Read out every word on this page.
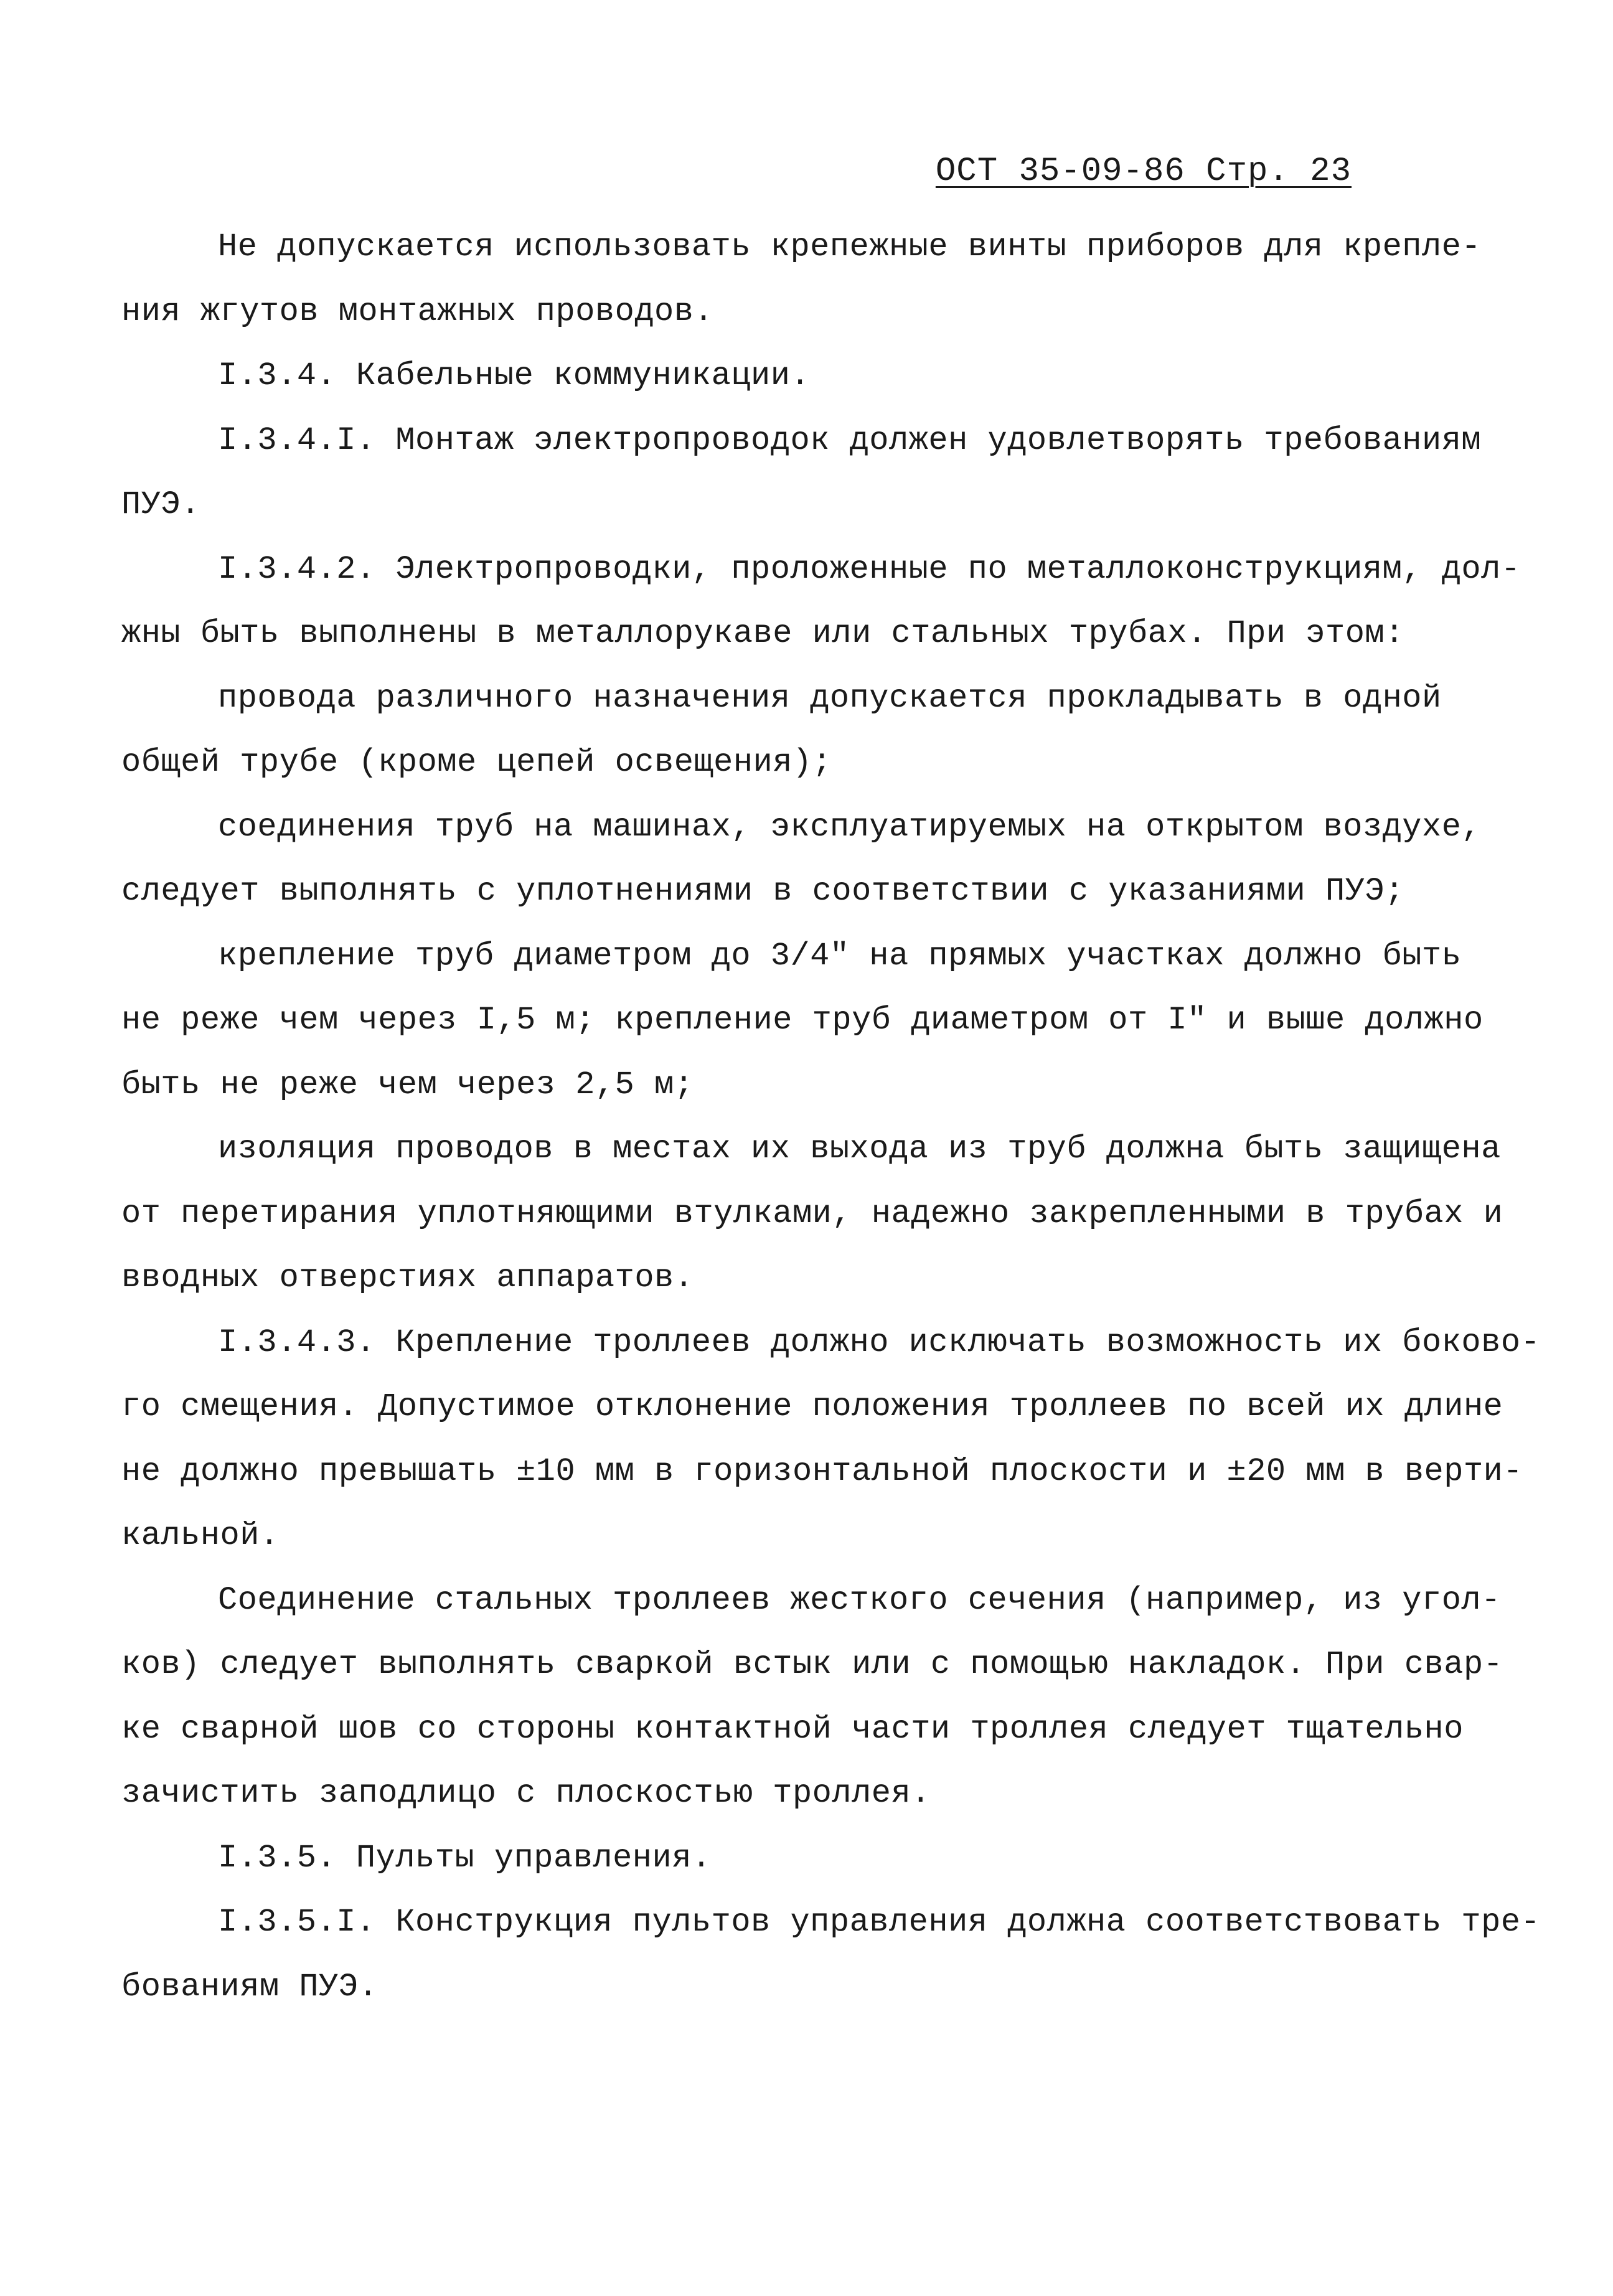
ОСТ 35-09-86 Стр. 23
Не допускается использовать крепежные винты приборов для крепле-
ния жгутов монтажных проводов.
I.3.4. Кабельные коммуникации.
I.3.4.I. Монтаж электропроводок должен удовлетворять требованиям
ПУЭ.
I.3.4.2. Электропроводки, проложенные по металлоконструкциям, дол-
жны быть выполнены в металлорукаве или стальных трубах. При этом:
провода различного назначения допускается прокладывать в одной
общей трубе (кроме цепей освещения);
соединения труб на машинах, эксплуатируемых на открытом воздухе,
следует выполнять с уплотнениями в соответствии с указаниями ПУЭ;
крепление труб диаметром до 3/4" на прямых участках должно быть
не реже чем через I,5 м; крепление труб диаметром от I" и выше должно
быть не реже чем через 2,5 м;
изоляция проводов в местах их выхода из труб должна быть защищена
от перетирания уплотняющими втулками, надежно закрепленными в трубах и
вводных отверстиях аппаратов.
I.3.4.3. Крепление троллеев должно исключать возможность их боково-
го смещения. Допустимое отклонение положения троллеев по всей их длине
не должно превышать ±10 мм в горизонтальной плоскости и ±20 мм в верти-
кальной.
Соединение стальных троллеев жесткого сечения (например, из угол-
ков) следует выполнять сваркой встык или с помощью накладок. При свар-
ке сварной шов со стороны контактной части троллея следует тщательно
зачистить заподлицо с плоскостью троллея.
I.3.5. Пульты управления.
I.3.5.I. Конструкция пультов управления должна соответствовать тре-
бованиям ПУЭ.
